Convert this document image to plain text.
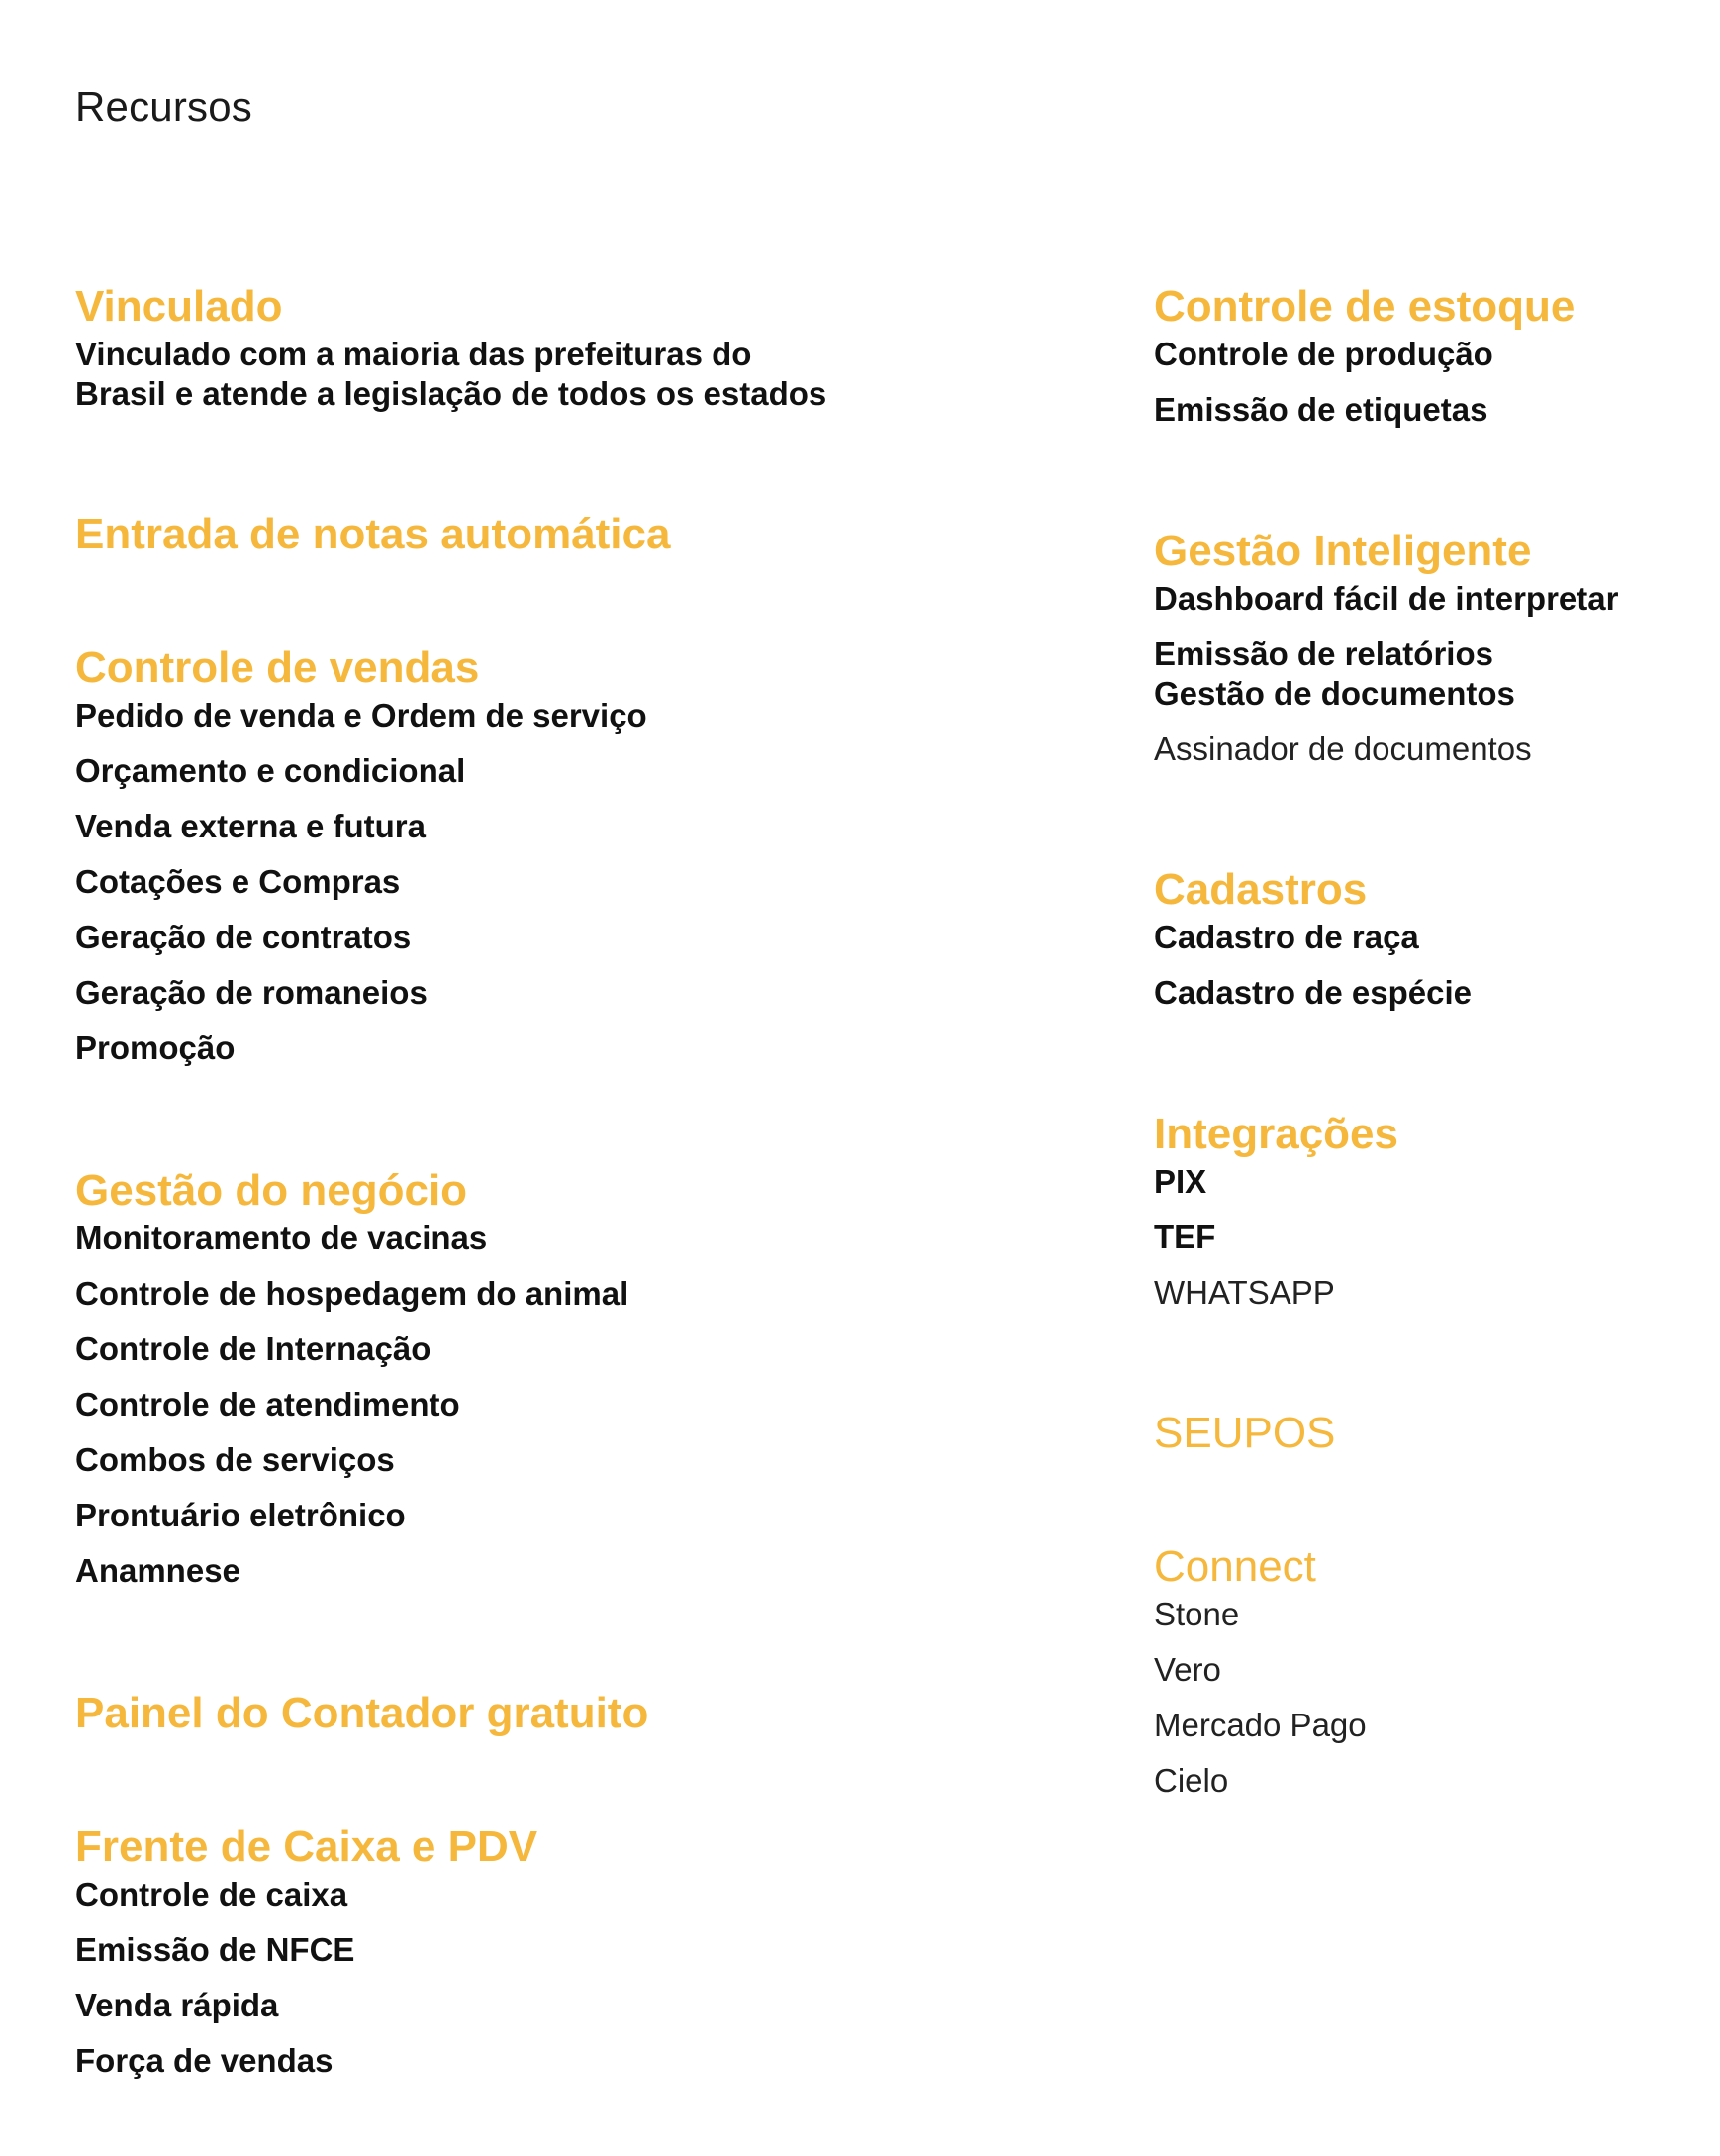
Recursos
Vinculado
Vinculado com a maioria das prefeituras do
Brasil e atende a legislação de todos os estados
Entrada de notas automática
Controle de vendas
Pedido de venda e Ordem de serviço
Orçamento e condicional
Venda externa e futura
Cotações e Compras
Geração de contratos
Geração de romaneios
Promoção
Gestão do negócio
Monitoramento de vacinas
Controle de hospedagem do animal
Controle de Internação
Controle de atendimento
Combos de serviços
Prontuário eletrônico
Anamnese
Painel do Contador gratuito
Frente de Caixa e PDV
Controle de caixa
Emissão de NFCE
Venda rápida
Força de vendas
Controle de estoque
Controle de produção
Emissão de etiquetas
Gestão Inteligente
Dashboard fácil de interpretar
Emissão de relatórios
Gestão de documentos
Assinador de documentos
Cadastros
Cadastro de raça
Cadastro de espécie
Integrações
PIX
TEF
WHATSAPP
SEUPOS
Connect
Stone
Vero
Mercado Pago
Cielo
